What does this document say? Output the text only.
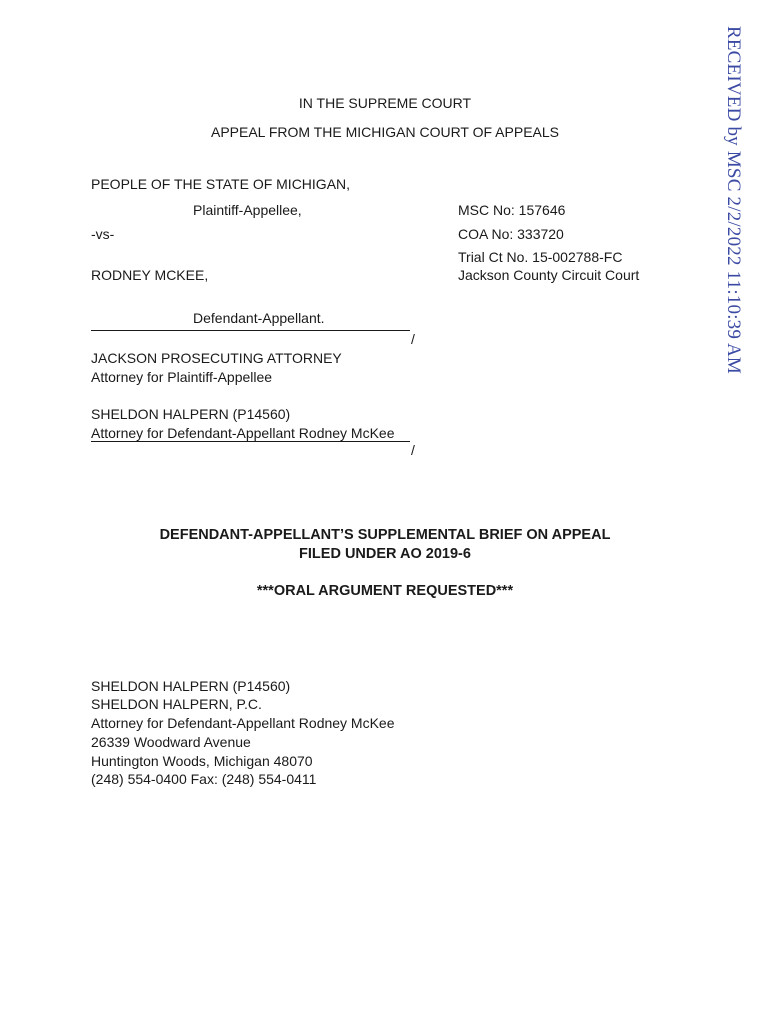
RECEIVED by MSC 2/2/2022 11:10:39 AM
IN THE SUPREME COURT
APPEAL FROM THE MICHIGAN COURT OF APPEALS
PEOPLE OF THE STATE OF MICHIGAN,
Plaintiff-Appellee,
-vs-
RODNEY MCKEE,
Defendant-Appellant.
MSC No: 157646
COA No: 333720
Trial Ct No. 15-002788-FC
Jackson County Circuit Court
/
JACKSON PROSECUTING ATTORNEY
Attorney for Plaintiff-Appellee
SHELDON HALPERN (P14560)
Attorney for Defendant-Appellant Rodney McKee
/
DEFENDANT-APPELLANT’S SUPPLEMENTAL BRIEF ON APPEAL
FILED UNDER AO 2019-6
***ORAL ARGUMENT REQUESTED***
SHELDON HALPERN (P14560)
SHELDON HALPERN, P.C.
Attorney for Defendant-Appellant Rodney McKee
26339 Woodward Avenue
Huntington Woods, Michigan 48070
(248) 554-0400 Fax: (248) 554-0411
